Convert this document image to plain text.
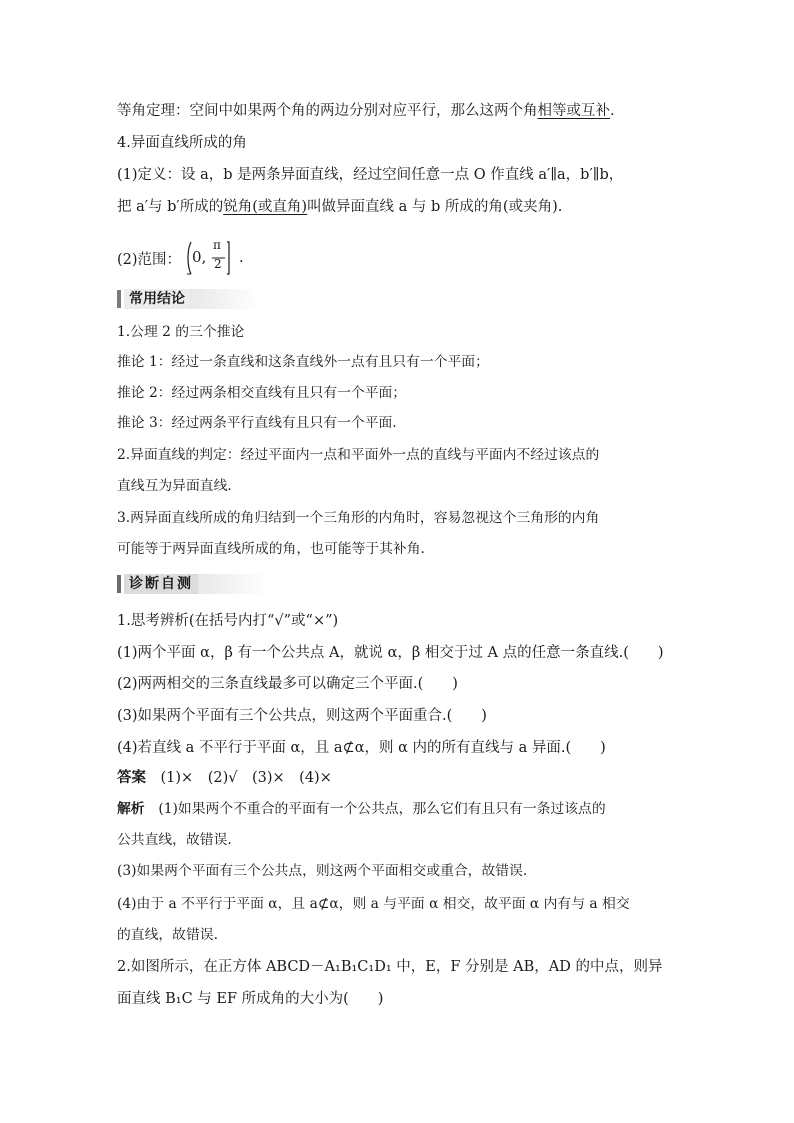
等角定理：空间中如果两个角的两边分别对应平行，那么这两个角相等或互补.
4.异面直线所成的角
(1)定义：设 a，b 是两条异面直线，经过空间任意一点 O 作直线 a′∥a，b′∥b，
把 a′与 b′所成的锐角(或直角)叫做异面直线 a 与 b 所成的角(或夹角).
(2)范围： 0,
π
2 .
常用结论
1.公理 2 的三个推论
推论 1：经过一条直线和这条直线外一点有且只有一个平面；
推论 2：经过两条相交直线有且只有一个平面；
推论 3：经过两条平行直线有且只有一个平面.
2.异面直线的判定：经过平面内一点和平面外一点的直线与平面内不经过该点的
直线互为异面直线.
3.两异面直线所成的角归结到一个三角形的内角时，容易忽视这个三角形的内角
可能等于两异面直线所成的角，也可能等于其补角.
诊断自测
1.思考辨析(在括号内打“√”或“×”)
(1)两个平面 α，β 有一个公共点 A，就说 α，β 相交于过 A 点的任意一条直线.(　　)
(2)两两相交的三条直线最多可以确定三个平面.(　　)
(3)如果两个平面有三个公共点，则这两个平面重合.(　　)
(4)若直线 a 不平行于平面 α，且 a⊄α，则 α 内的所有直线与 a 异面.(　　)
答案　 (1)×　(2)√　(3)×　(4)×
解析　 (1)如果两个不重合的平面有一个公共点，那么它们有且只有一条过该点的
公共直线，故错误.
(3)如果两个平面有三个公共点，则这两个平面相交或重合，故错误.
(4)由于 a 不平行于平面 α，且 a⊄α，则 a 与平面 α 相交，故平面 α 内有与 a 相交
的直线，故错误.
2.如图所示，在正方体 ABCD－A₁B₁C₁D₁ 中，E，F 分别是 AB，AD 的中点，则异
面直线 B₁C 与 EF 所成角的大小为(　　)
